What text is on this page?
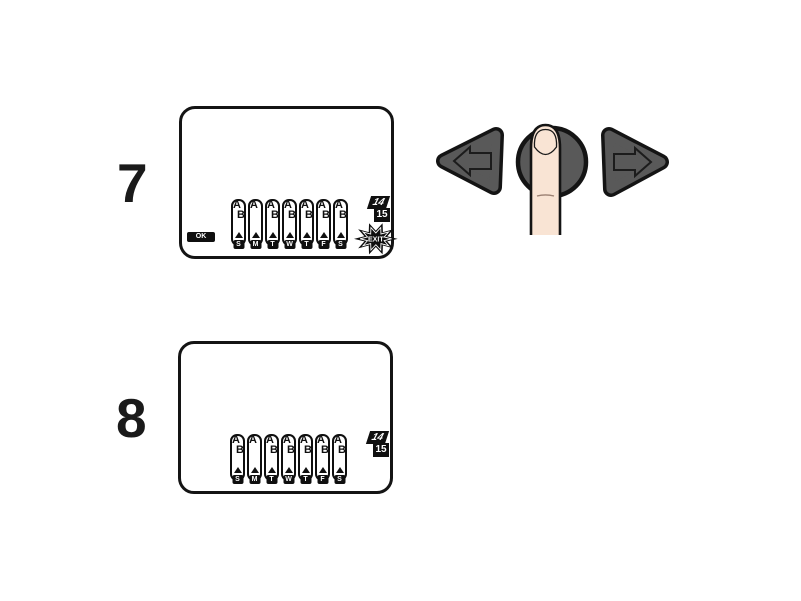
7
8
OK
A
B
S
A
M
A
B
T
A
B
W
A
B
T
A
B
F
A
B
S
14
15
EXIT
A
B
S
A
M
A
B
T
A
B
W
A
B
T
A
B
F
A
B
S
14
15
